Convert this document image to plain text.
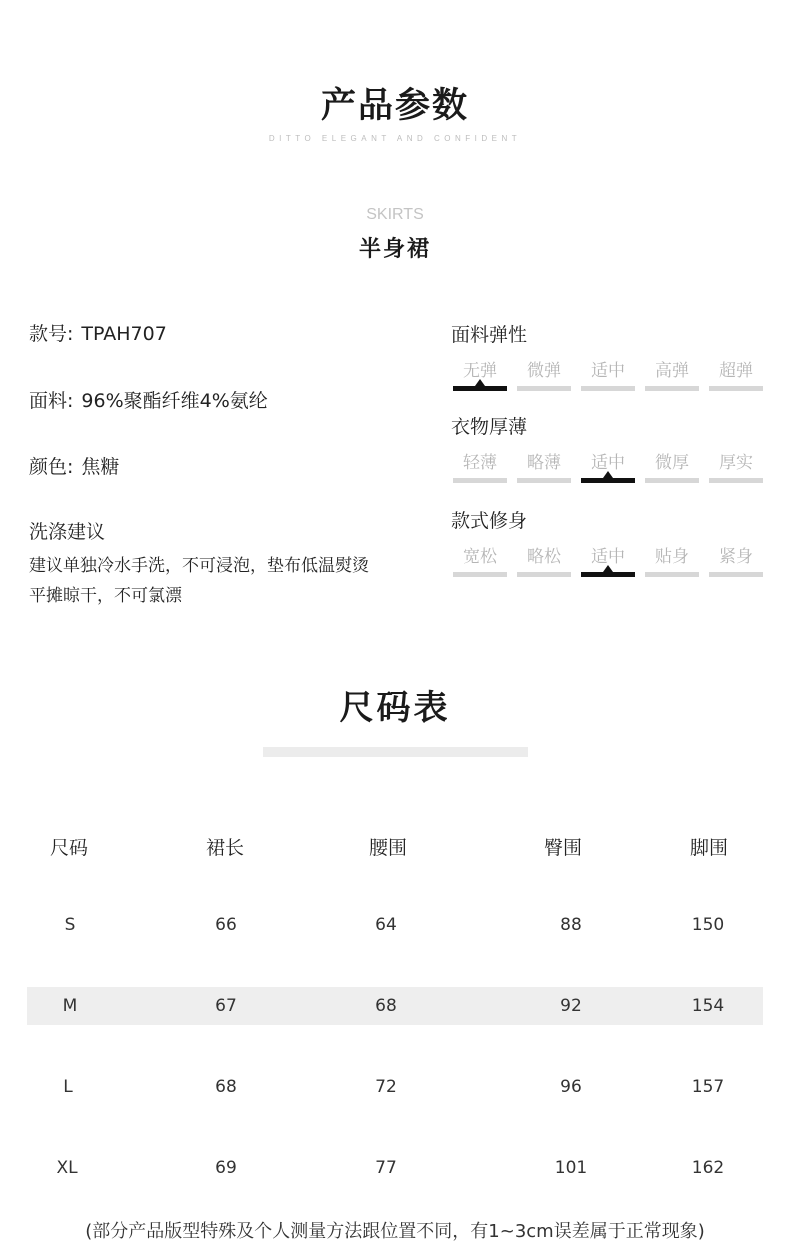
产品参数
DITTO ELEGANT AND CONFIDENT
SKIRTS
半身裙
款号: TPAH707
面料: 96%聚酯纤维4%氨纶
颜色: 焦糖
洗涤建议
建议单独冷水手洗，不可浸泡，垫布低温熨烫
平摊晾干，不可氯漂
面料弹性
无弹	微弹	适中	高弹	超弹
衣物厚薄
轻薄	略薄	适中	微厚	厚实
款式修身
宽松	略松	适中	贴身	紧身
尺码表
尺码	裙长	腰围	臀围	脚围
S	66	64	88	150
M	67	68	92	154
L	68	72	96	157
XL	69	77	101	162
(部分产品版型特殊及个人测量方法跟位置不同，有1~3cm误差属于正常现象)
